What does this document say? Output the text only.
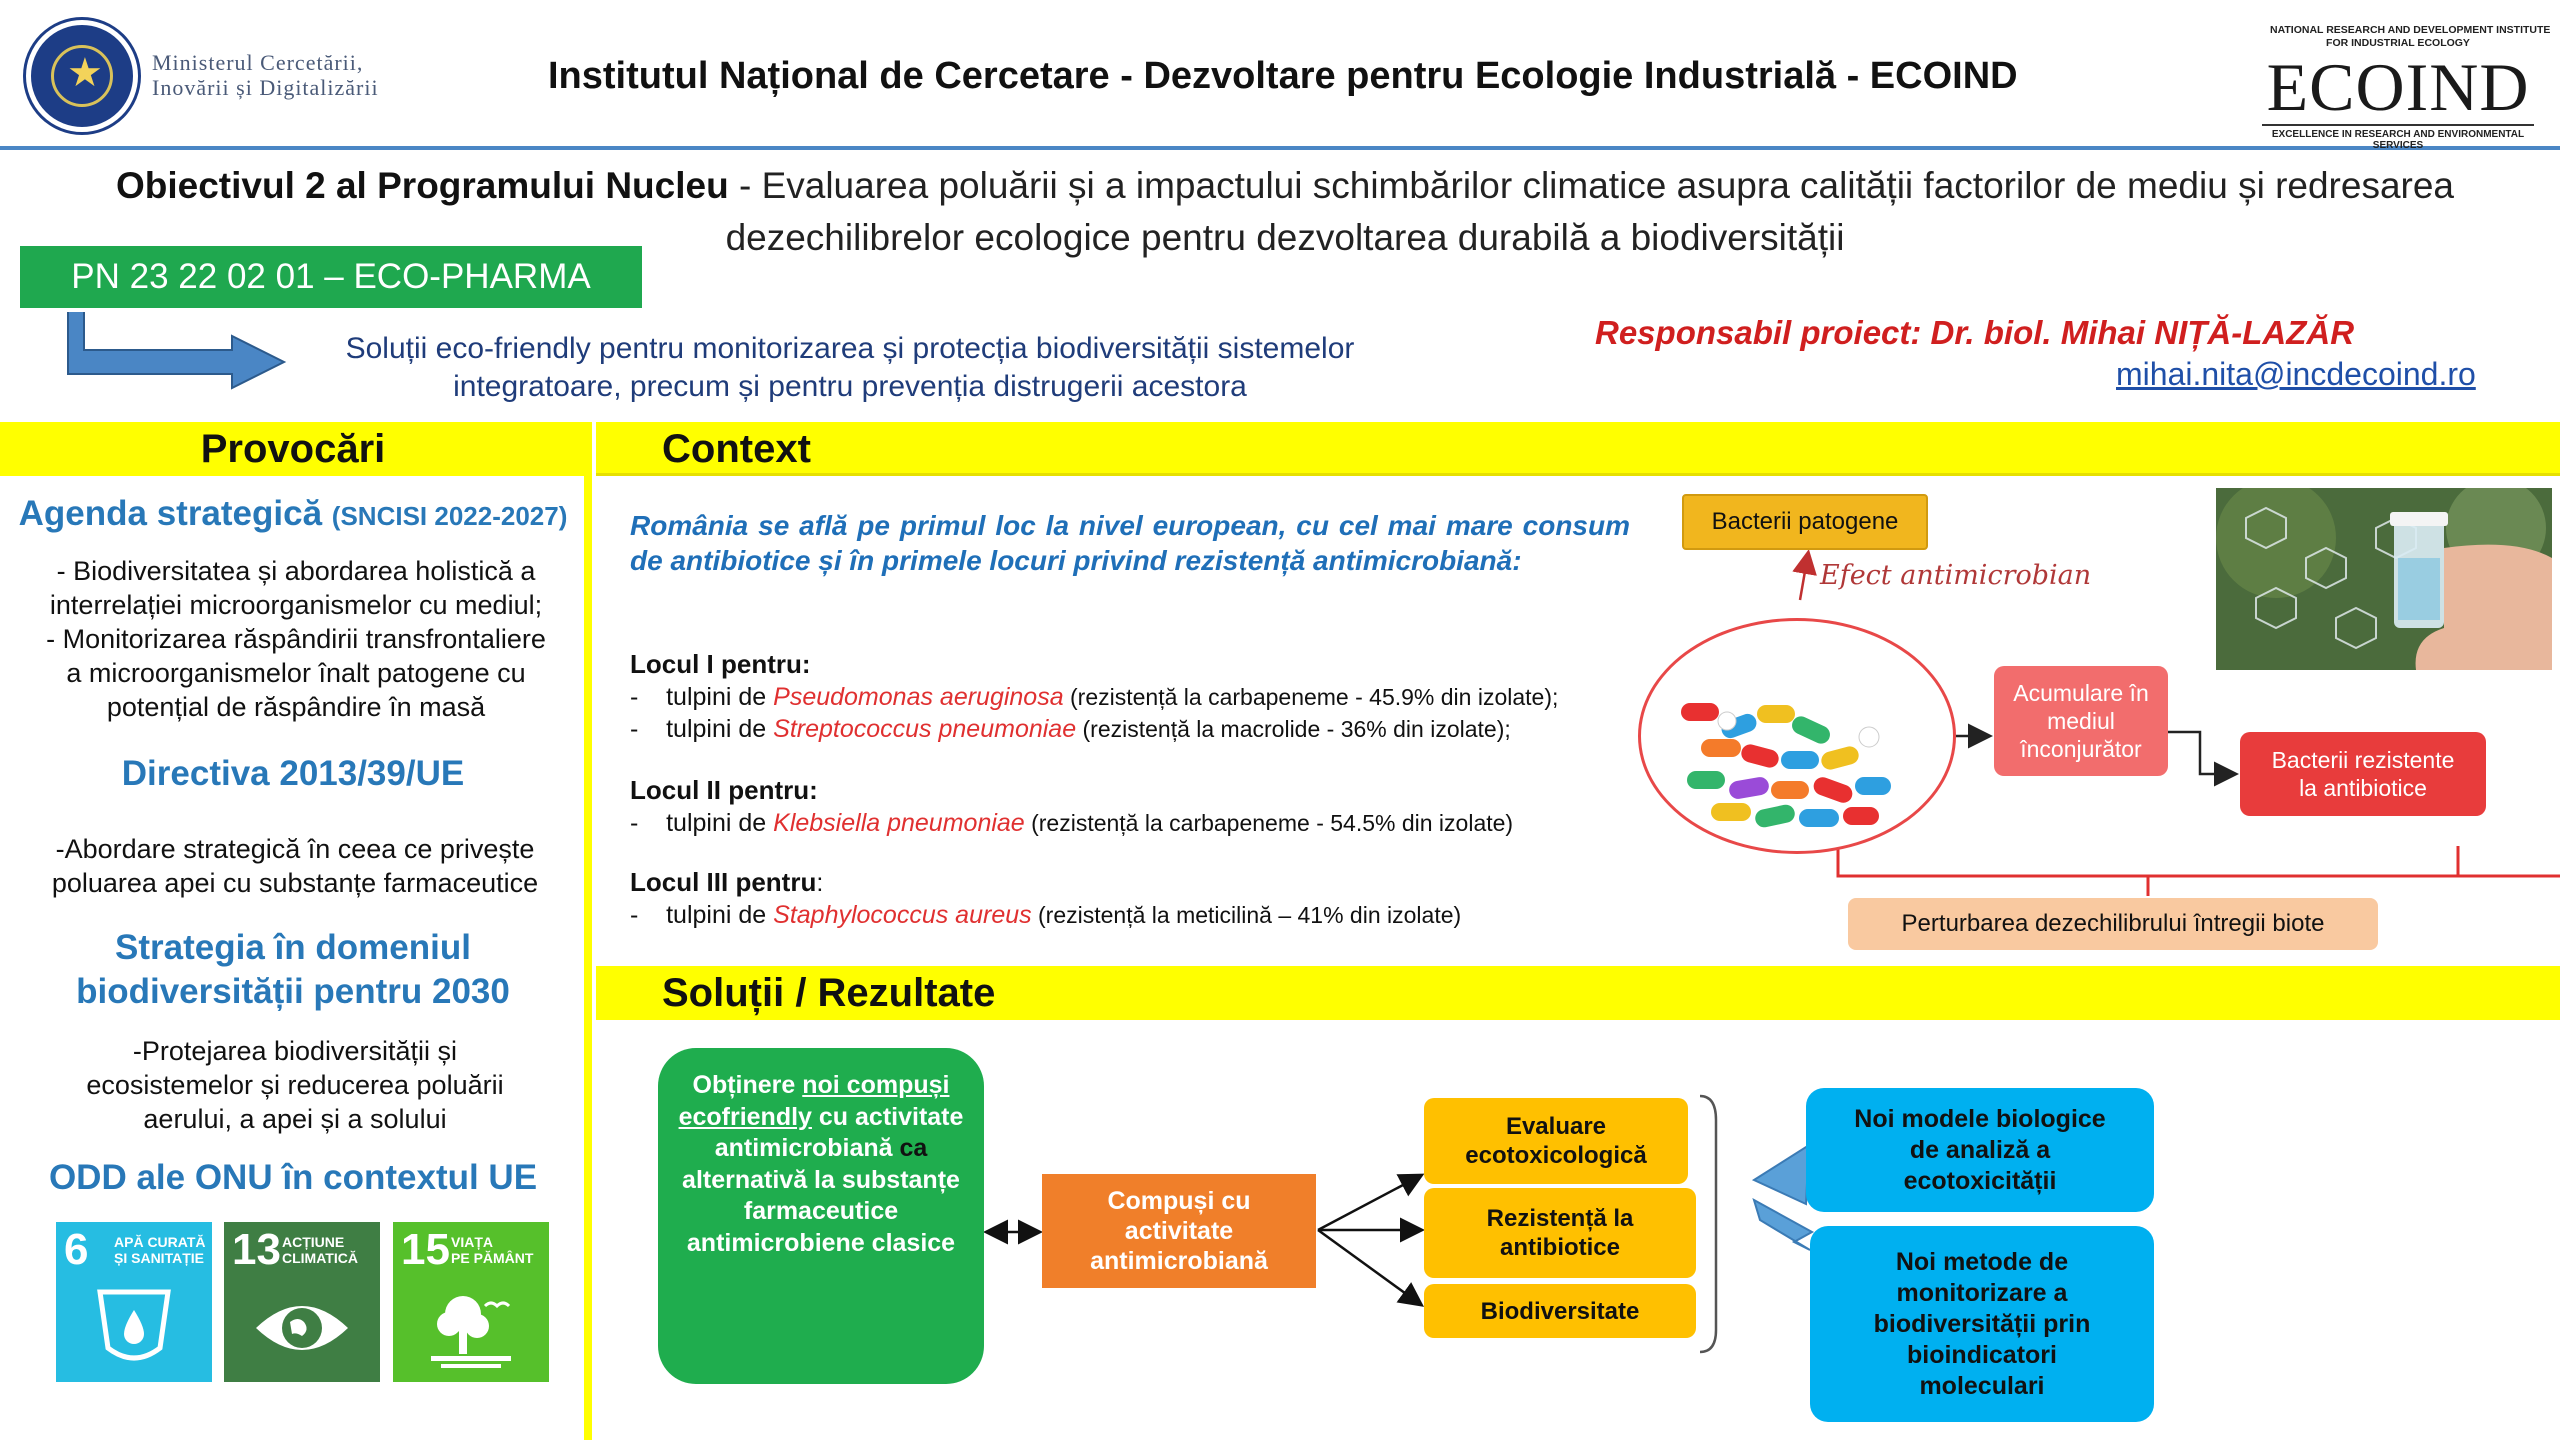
★ Ministerul Cercetării,
Inovării și Digitalizării	Institutul Național de Cercetare - Dezvoltare pentru Ecologie Industrială - ECOIND
NATIONAL RESEARCH AND DEVELOPMENT INSTITUTE
FOR INDUSTRIAL ECOLOGY
ECOIND
EXCELLENCE IN RESEARCH AND ENVIRONMENTAL SERVICES
Obiectivul 2 al Programului Nucleu - Evaluarea poluării și a impactului schimbărilor climatice asupra calității factorilor de mediu și redresarea dezechilibrelor ecologice pentru dezvoltarea durabilă a biodiversității
PN 23 22 02 01 – ECO-PHARMA
Soluții eco-friendly pentru monitorizarea și protecția biodiversității sistemelor
integratoare, precum și pentru prevenția distrugerii acestora
Responsabil proiect: Dr. biol. Mihai NIȚĂ-LAZĂR
mihai.nita@incdecoind.ro
Provocări	Context
Soluții / Rezultate
Agenda strategică (SNCISI 2022-2027)
- Biodiversitatea și abordarea holistică a
interrelației microorganismelor cu mediul;
- Monitorizarea răspândirii transfrontaliere
a microorganismelor înalt patogene cu
potențial de răspândire în masă
Directiva 2013/39/UE
-Abordare strategică în ceea ce privește
poluarea apei cu substanțe farmaceutice
Strategia în domeniul
biodiversității pentru 2030
-Protejarea biodiversității și
ecosistemelor și reducerea poluării
aerului, a apei și a solului
ODD ale ONU în contextul UE
6 APĂ CURATĂ
ȘI SANITAȚIE 13 ACȚIUNE
CLIMATICĂ 15 VIAȚA
PE PĂMÂNT
România se află pe primul loc la nivel european, cu cel mai mare consum de antibiotice și în primele locuri privind rezistență antimicrobiană:
Locul I pentru:
-    tulpini de Pseudomonas aeruginosa (rezistență la carbapeneme - 45.9% din izolate);
-    tulpini de Streptococcus pneumoniae (rezistență la macrolide - 36% din izolate);
Locul II pentru:
-    tulpini de Klebsiella pneumoniae (rezistență la carbapeneme - 54.5% din izolate)
Locul III pentru:
-    tulpini de Staphylococcus aureus (rezistență la meticilină – 41% din izolate)
Bacterii patogene
Efect antimicrobian
Acumulare în
mediul
înconjurător	Bacterii rezistente
la antibiotice
Perturbarea dezechilibrului întregii biote
Obținere noi compuși ecofriendly cu activitate antimicrobiană ca alternativă la substanțe farmaceutice antimicrobiene clasice
Compuși cu
activitate
antimicrobiană
Evaluare
ecotoxicologică
Rezistență la
antibiotice
Biodiversitate
Noi modele biologice
de analiză a
ecotoxicității
Noi metode de
monitorizare a
biodiversității prin
bioindicatori
moleculari
